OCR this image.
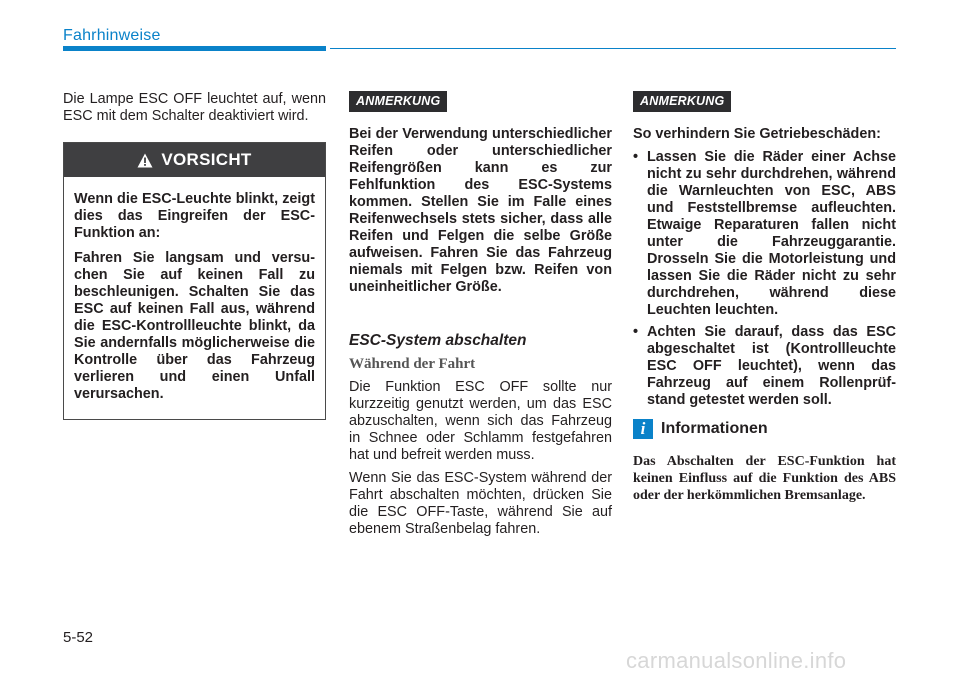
Fahrhinweise

Die Lampe ESC OFF leuchtet auf, wenn ESC mit dem Schalter deaktiviert wird.

VORSICHT

Wenn die ESC-Leuchte blinkt, zeigt dies das Eingreifen der ESC-Funktion an:

Fahren Sie langsam und versuchen Sie auf keinen Fall zu beschleunigen. Schalten Sie das ESC auf keinen Fall aus, während die ESC-Kontrollleuchte blinkt, da Sie andernfalls möglicherweise die Kontrolle über das Fahrzeug verlieren und einen Unfall verursachen.

ANMERKUNG

Bei der Verwendung unterschiedlicher Reifen oder unterschiedlicher Reifengrößen kann es zur Fehlfunktion des ESC-Systems kommen. Stellen Sie im Falle eines Reifenwechsels stets sicher, dass alle Reifen und Felgen die selbe Größe aufweisen. Fahren Sie das Fahrzeug niemals mit Felgen bzw. Reifen von uneinheitlicher Größe.

ESC-System abschalten
Während der Fahrt

Die Funktion ESC OFF sollte nur kurzzeitig genutzt werden, um das ESC abzuschalten, wenn sich das Fahrzeug in Schnee oder Schlamm festgefahren hat und befreit werden muss.

Wenn Sie das ESC-System während der Fahrt abschalten möchten, drücken Sie die ESC OFF-Taste, während Sie auf ebenem Straßenbelag fahren.

ANMERKUNG

So verhindern Sie Getriebeschäden:

• Lassen Sie die Räder einer Achse nicht zu sehr durchdrehen, während die Warnleuchten von ESC, ABS und Feststellbremse aufleuchten. Etwaige Reparaturen fallen nicht unter die Fahrzeuggarantie. Drosseln Sie die Motorleistung und lassen Sie die Räder nicht zu sehr durchdrehen, während diese Leuchten leuchten.
• Achten Sie darauf, dass das ESC abgeschaltet ist (Kontrollleuchte ESC OFF leuchtet), wenn das Fahrzeug auf einem Rollenprüfstand getestet werden soll.
i Informationen

Das Abschalten der ESC-Funktion hat keinen Einfluss auf die Funktion des ABS oder der herkömmlichen Bremsanlage.

5-52
carmanualsonline.info
